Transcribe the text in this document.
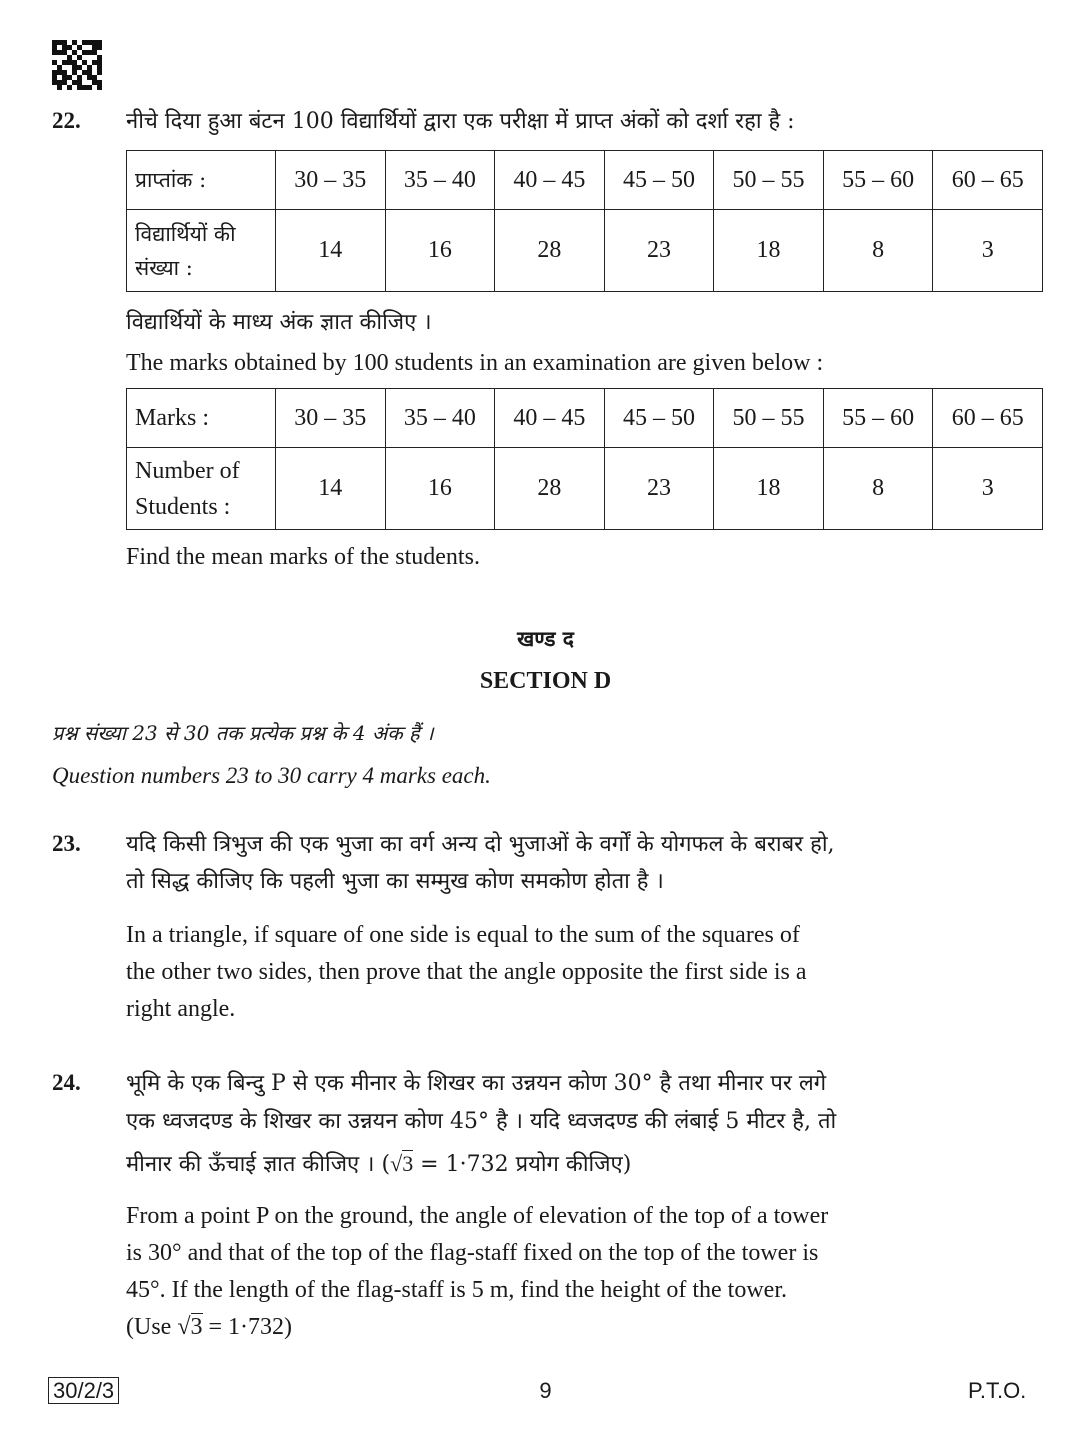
22. नीचे दिया हुआ बंटन 100 विद्यार्थियों द्वारा एक परीक्षा में प्राप्त अंकों को दर्शा रहा है :
प्राप्तांक :	30 – 35	35 – 40	40 – 45	45 – 50	50 – 55	55 – 60	60 – 65
विद्यार्थियों की संख्या :	14	16	28	23	18	8	3
विद्यार्थियों के माध्य अंक ज्ञात कीजिए ।
The marks obtained by 100 students in an examination are given below :
Marks :	30 – 35	35 – 40	40 – 45	45 – 50	50 – 55	55 – 60	60 – 65

Number of
Students :	14	16	28	23	18	8	3
Find the mean marks of the students.
खण्ड द
SECTION D
प्रश्न संख्या 23 से 30 तक प्रत्येक प्रश्न के 4 अंक हैं ।
Question numbers 23 to 30 carry 4 marks each.
23. यदि किसी त्रिभुज की एक भुजा का वर्ग अन्य दो भुजाओं के वर्गों के योगफल के बराबर हो,
तो सिद्ध कीजिए कि पहली भुजा का सम्मुख कोण समकोण होता है ।
In a triangle, if square of one side is equal to the sum of the squares of
the other two sides, then prove that the angle opposite the first side is a
right angle.
24. भूमि के एक बिन्दु P से एक मीनार के शिखर का उन्नयन कोण 30° है तथा मीनार पर लगे
एक ध्वजदण्ड के शिखर का उन्नयन कोण 45° है । यदि ध्वजदण्ड की लंबाई 5 मीटर है, तो
मीनार की ऊँचाई ज्ञात कीजिए । (√3 = 1·732 प्रयोग कीजिए)
From a point P on the ground, the angle of elevation of the top of a tower
is 30° and that of the top of the flag-staff fixed on the top of the tower is
45°. If the length of the flag-staff is 5 m, find the height of the tower.
(Use √3 = 1·732)
30/2/3	9	P.T.O.
